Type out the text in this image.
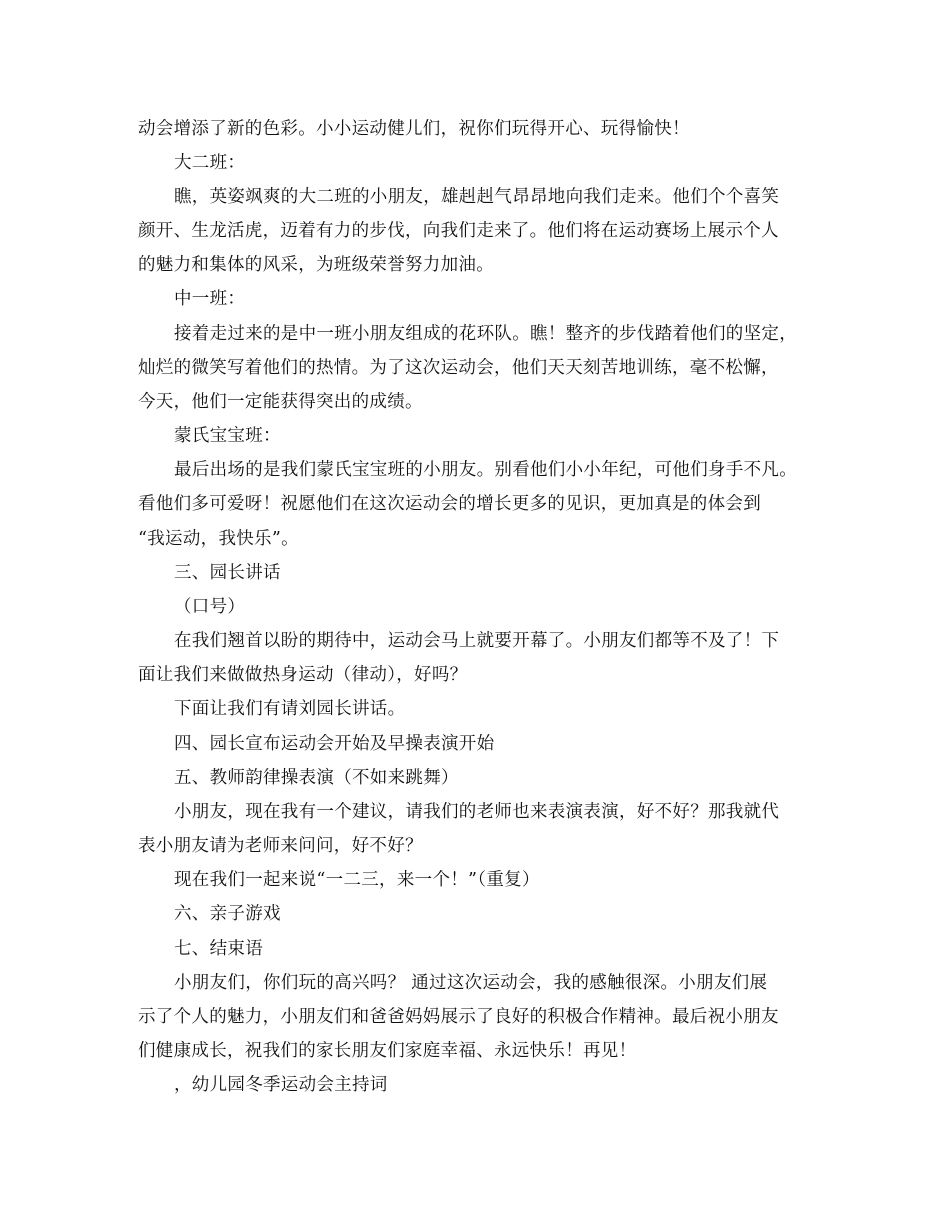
动会增添了新的色彩。小小运动健儿们，祝你们玩得开心、玩得愉快！
大二班：
瞧，英姿飒爽的大二班的小朋友，雄赳赳气昂昂地向我们走来。他们个个喜笑
颜开、生龙活虎，迈着有力的步伐，向我们走来了。他们将在运动赛场上展示个人
的魅力和集体的风采，为班级荣誉努力加油。
中一班：
接着走过来的是中一班小朋友组成的花环队。瞧！整齐的步伐踏着他们的坚定，
灿烂的微笑写着他们的热情。为了这次运动会，他们天天刻苦地训练，毫不松懈，
今天，他们一定能获得突出的成绩。
蒙氏宝宝班：
最后出场的是我们蒙氏宝宝班的小朋友。别看他们小小年纪，可他们身手不凡。
看他们多可爱呀！祝愿他们在这次运动会的增长更多的见识，更加真是的体会到
“我运动，我快乐”。
三、园长讲话
（口号）
在我们翘首以盼的期待中，运动会马上就要开幕了。小朋友们都等不及了！下
面让我们来做做热身运动（律动），好吗？
下面让我们有请刘园长讲话。
四、园长宣布运动会开始及早操表演开始
五、教师韵律操表演（不如来跳舞）
小朋友，现在我有一个建议，请我们的老师也来表演表演，好不好？那我就代
表小朋友请为老师来问问，好不好？
现在我们一起来说“一二三，来一个！”（重复）
六、亲子游戏
七、结束语
小朋友们，你们玩的高兴吗？ 通过这次运动会，我的感触很深。小朋友们展
示了个人的魅力，小朋友们和爸爸妈妈展示了良好的积极合作精神。最后祝小朋友
们健康成长，祝我们的家长朋友们家庭幸福、永远快乐！再见！
，幼儿园冬季运动会主持词
